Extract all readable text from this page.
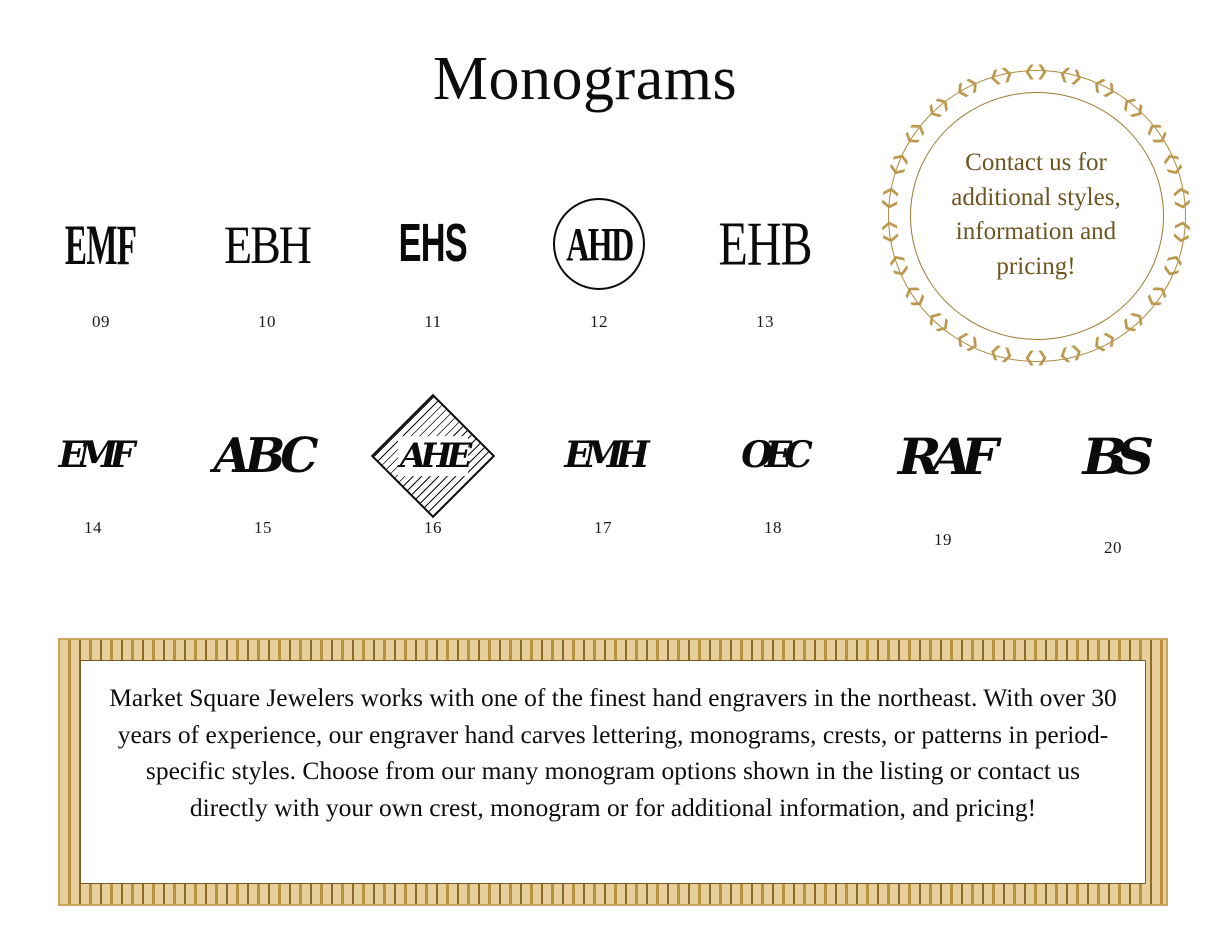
Monograms
EMF
09
EBH
10
EHS
11
AHD
12
EHB
13
EMF
14
ABC
15
AHE
16
EMH
17
OEC
18
RAF
19
BS
20
❮❯ ❮❯ ❮❯
❮❯
❮❯
❮❯
❮❯
❮❯
❮❯
❮❯
❮❯
❮❯
❮❯
❮❯
❮❯
❮❯
❮❯
❮❯
❮❯
❮❯
❮❯
❮❯
❮❯
❮❯
❮❯ ❮❯
Contact us for additional styles, information and pricing!
Market Square Jewelers works with one of the finest hand engravers in the northeast. With over 30 years of experience, our engraver hand carves lettering, monograms, crests, or patterns in period-specific styles. Choose from our many monogram options shown in the listing or contact us directly with your own crest, monogram or for additional information, and pricing!
